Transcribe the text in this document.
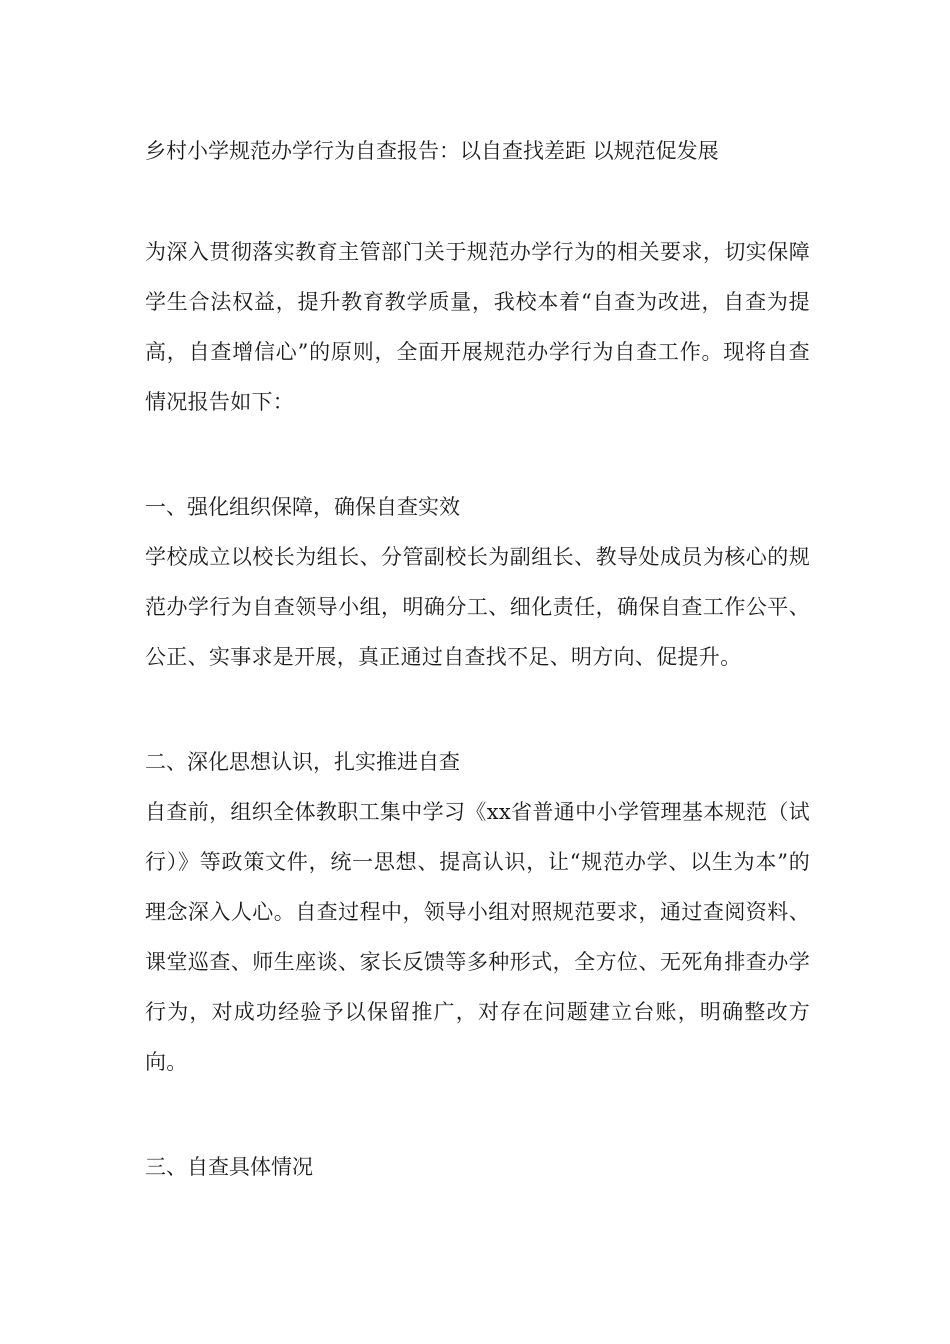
乡村小学规范办学行为自查报告：以自查找差距 以规范促发展

为深入贯彻落实教育主管部门关于规范办学行为的相关要求，切实保障学生合法权益，提升教育教学质量，我校本着“自查为改进，自查为提高，自查增信心”的原则，全面开展规范办学行为自查工作。现将自查情况报告如下：

一、强化组织保障，确保自查实效

学校成立以校长为组长、分管副校长为副组长、教导处成员为核心的规范办学行为自查领导小组，明确分工、细化责任，确保自查工作公平、公正、实事求是开展，真正通过自查找不足、明方向、促提升。

二、深化思想认识，扎实推进自查

自查前，组织全体教职工集中学习《xx省普通中小学管理基本规范（试行）》等政策文件，统一思想、提高认识，让“规范办学、以生为本”的理念深入人心。自查过程中，领导小组对照规范要求，通过查阅资料、课堂巡查、师生座谈、家长反馈等多种形式，全方位、无死角排查办学行为，对成功经验予以保留推广，对存在问题建立台账，明确整改方向。

三、自查具体情况
